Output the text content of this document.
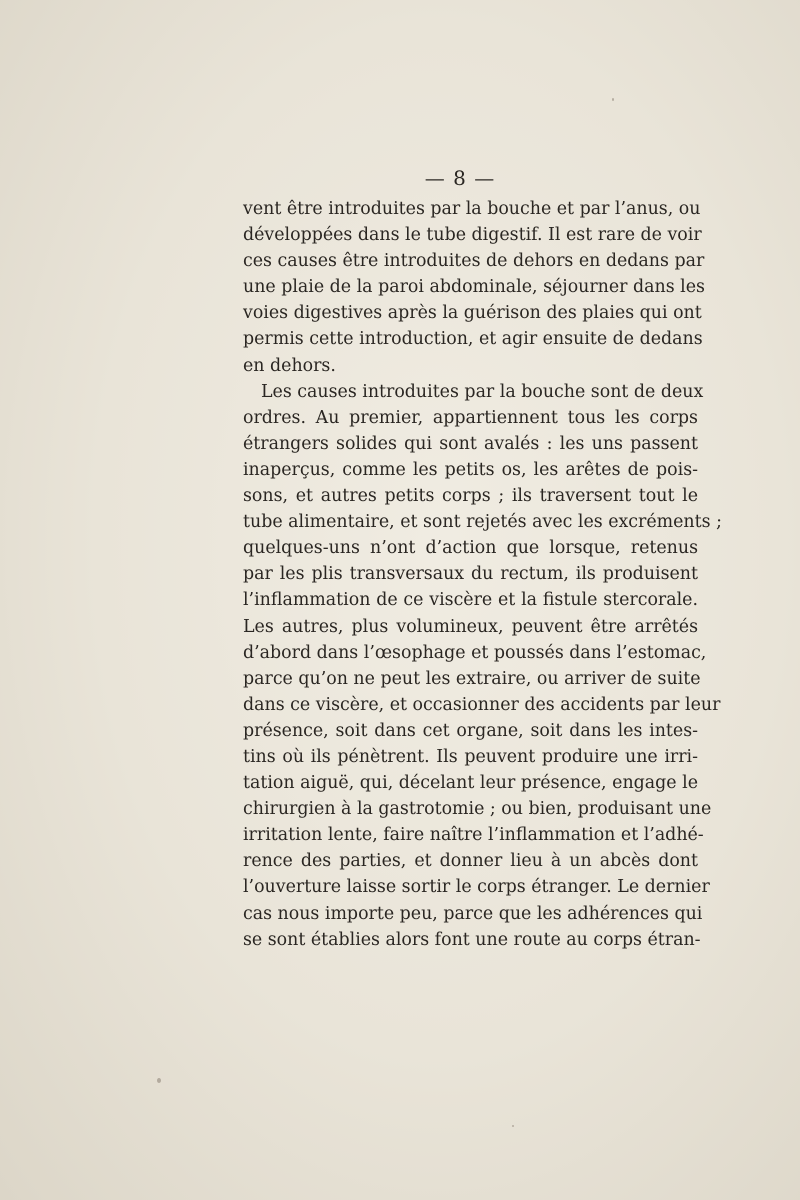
— 8 —
vent être introduites par la bouche et par l’anus, ou
développées dans le tube digestif. Il est rare de voir
ces causes être introduites de dehors en dedans par
une plaie de la paroi abdominale, séjourner dans les
voies digestives après la guérison des plaies qui ont
permis cette introduction, et agir ensuite de dedans
en dehors.
Les causes introduites par la bouche sont de deux
ordres. Au premier, appartiennent tous les corps
étrangers solides qui sont avalés : les uns passent
inaperçus, comme les petits os, les arêtes de pois-
sons, et autres petits corps ; ils traversent tout le
tube alimentaire, et sont rejetés avec les excréments ;
quelques-uns n’ont d’action que lorsque, retenus
par les plis transversaux du rectum, ils produisent
l’inflammation de ce viscère et la fistule stercorale.
Les autres, plus volumineux, peuvent être arrêtés
d’abord dans l’œsophage et poussés dans l’estomac,
parce qu’on ne peut les extraire, ou arriver de suite
dans ce viscère, et occasionner des accidents par leur
présence, soit dans cet organe, soit dans les intes-
tins où ils pénètrent. Ils peuvent produire une irri-
tation aiguë, qui, décelant leur présence, engage le
chirurgien à la gastrotomie ; ou bien, produisant une
irritation lente, faire naître l’inflammation et l’adhé-
rence des parties, et donner lieu à un abcès dont
l’ouverture laisse sortir le corps étranger. Le dernier
cas nous importe peu, parce que les adhérences qui
se sont établies alors font une route au corps étran-
